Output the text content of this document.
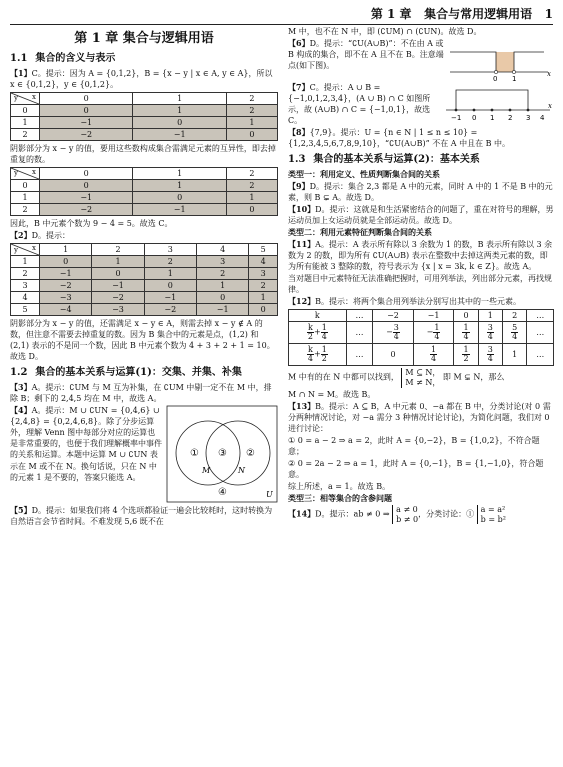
第 1 章 集合与常用逻辑用语 1
第 1 章 集合与逻辑用语
1.1 集合的含义与表示

【1】C。提示：因为 A = {0,1,2}，B = {x − y | x ∈ A, y ∈ A}，所以 x ∈ {0,1,2}，y ∈ {0,1,2}。

x
y	0	1	2
0	0	1	2
1	−1	0	1
2	−2	−1	0

阴影部分为 x − y 的值，要用这些数构成集合需满足元素的互异性，即去掉重复的数。

x
y	0	1	2
0	0	1	2
1	−1	0	1
2	−2	−1	0

因此，B 中元素个数为 9 − 4 = 5。故选 C。

【2】D。提示：

x
y	1	2	3	4	5
1	0	1	2	3	4
2	−1	0	1	2	3
3	−2	−1	0	1	2
4	−3	−2	−1	0	1
5	−4	−3	−2	−1	0

阴影部分为 x − y 的值，还需满足 x − y ∈ A，则需去掉 x − y ∉ A 的数，但注意不需要去掉重复的数。因为 B 集合中的元素是点，(1,2) 和 (2,1) 表示的不是同一个数，因此 B 中元素个数为 4 + 3 + 2 + 1 = 10。故选 D。

1.2 集合的基本关系与运算(1)：交集、并集、补集

【3】A。提示：∁UM 与 M 互为补集，在 ∁UM 中剔一定不在 M 中，排除 B；剩下的 2,4,5 均在 M 中，故选 A。

① ③ ②
④
M	N
U

【4】A。提示：M ∪ ∁UN = {0,4,6} ∪ {2,4,8} = {0,2,4,6,8}。除了分步运算外，理解 Venn 图中每部分对应的运算也是非常重要的，也便于我们理解概率中事件的关系和运算。本题中运算 M ∪ ∁UN 表示在 M 或不在 N。换句话说，只在 N 中的元素 1 是不要的，答案只能选 A。

【5】D。提示：如果我们将 4 个选项都验证一遍会比较耗时，这时转换为自然语言会节省时间。不难发现 5,6 既不在

M 中，也不在 N 中，即 (∁UM) ∩ (∁UN)。故选 D。

0 1
x

【6】D。提示：“∁U(A∪B)”：不在由 A 或 B 构成的集合，即不在 A 且不在 B。注意端点(如下图)。

−1 0 1 2 3 4
x

【7】C。提示：A ∪ B = {−1,0,1,2,3,4}，(A ∪ B) ∩ C 如图所示，故 (A∪B) ∩ C = {−1,0,1}，故选 C。

【8】{7,9}。提示：U = {n ∈ N | 1 ≤ n ≤ 10} = {1,2,3,4,5,6,7,8,9,10}，“∁U(A∪B)” 不在 A 中且在 B 中。

1.3 集合的基本关系与运算(2)：基本关系
类型一：利用定义、性质判断集合间的关系

【9】D。提示：集合 2,3 都是 A 中的元素，同时 A 中的 1 不是 B 中的元素，则 B ⊊ A。故选 D。

【10】D。提示：这就是和生活紧密结合的问题了，重在对符号的理解，男运动员加上女运动员就是全部运动员。故选 D。

类型二：利用元素特征判断集合间的关系

【11】A。提示：A 表示所有除以 3 余数为 1 的数，B 表示所有除以 3 余数为 2 的数，即为所有 ∁U(A∪B) 表示在整数中去掉这两类元素的数，即为所有能被 3 整除的数，符号表示为 {x | x = 3k, k ∈ Z}。故选 A。

当对题目中元素特征无法准确把握时，可用列举法，列出部分元素，再找规律。

【12】B。提示：将两个集合用列举法分别写出其中的一些元素。

k	…	−2	−1	0	1	2	…

$\frac{k}{2} + \frac{1}{4}$	…	− $\frac{3}{4}$	− $\frac{1}{4}$	$\frac{1}{4}$	$\frac{3}{4}$	$\frac{5}{4}$	…

$\frac{k}{4} + \frac{1}{2}$	…	0	$\frac{1}{4}$	$\frac{1}{2}$	$\frac{3}{4}$	1	…

M 中有的在 N 中都可以找到， M ⊆ N，
M ≠ N， 即 M ⊊ N，那么

M ∩ N = M。故选 B。

【13】B。提示：A ⊆ B，A 中元素 0、−a 都在 B 中，分类讨论(对 0 需分两种情况讨论，对 −a 需分 3 种情况讨论讨论)，为简化问题，我们对 0 进行讨论：

① 0 = a − 2 ⇒ a = 2，此时 A = {0,−2}，B = {1,0,2}，不符合题意；

② 0 = 2a − 2 ⇒ a = 1，此时 A = {0,−1}，B = {1,−1,0}，符合题意。

综上所述，a = 1。故选 B。

类型三：相等集合的含参问题

【14】D。提示：ab ≠ 0 ⇒ a ≠ 0
b ≠ 0，分类讨论：① a = a²
b = b²
